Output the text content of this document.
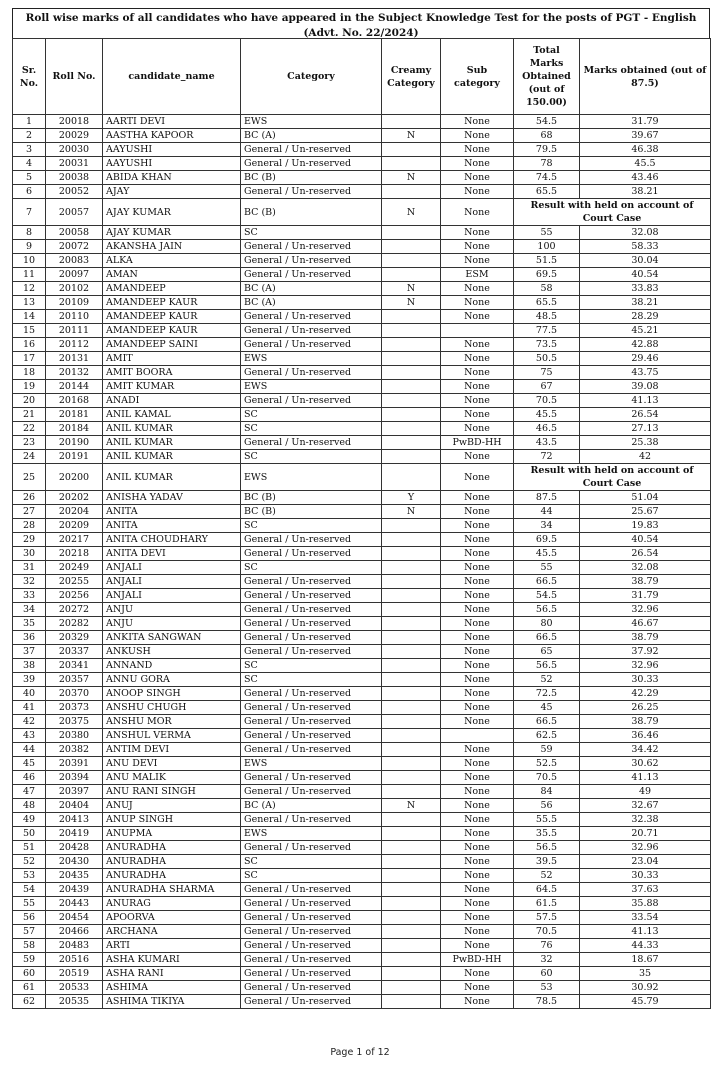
Roll wise marks of all candidates who have appeared in the Subject Knowledge Test for the posts of PGT - English
(Advt. No. 22/2024)
Sr. No.	Roll No.	candidate_name	Category	Creamy Category	Sub category	Total Marks Obtained (out of 150.00)	Marks obtained (out of 87.5)
1	20018	AARTI DEVI	EWS		None	54.5	31.79
2	20029	AASTHA KAPOOR	BC (A)	N	None	68	39.67
3	20030	AAYUSHI	General / Un-reserved		None	79.5	46.38
4	20031	AAYUSHI	General / Un-reserved		None	78	45.5
5	20038	ABIDA KHAN	BC (B)	N	None	74.5	43.46
6	20052	AJAY	General / Un-reserved		None	65.5	38.21
7	20057	AJAY KUMAR	BC (B)	N	None	Result with held on account of Court Case	
8	20058	AJAY KUMAR	SC		None	55	32.08
9	20072	AKANSHA JAIN	General / Un-reserved		None	100	58.33
10	20083	ALKA	General / Un-reserved		None	51.5	30.04
11	20097	AMAN	General / Un-reserved		ESM	69.5	40.54
12	20102	AMANDEEP	BC (A)	N	None	58	33.83
13	20109	AMANDEEP KAUR	BC (A)	N	None	65.5	38.21
14	20110	AMANDEEP KAUR	General / Un-reserved		None	48.5	28.29
15	20111	AMANDEEP KAUR	General / Un-reserved			77.5	45.21
16	20112	AMANDEEP SAINI	General / Un-reserved		None	73.5	42.88
17	20131	AMIT	EWS		None	50.5	29.46
18	20132	AMIT BOORA	General / Un-reserved		None	75	43.75
19	20144	AMIT KUMAR	EWS		None	67	39.08
20	20168	ANADI	General / Un-reserved		None	70.5	41.13
21	20181	ANIL KAMAL	SC		None	45.5	26.54
22	20184	ANIL KUMAR	SC		None	46.5	27.13
23	20190	ANIL KUMAR	General / Un-reserved		PwBD-HH	43.5	25.38
24	20191	ANIL KUMAR	SC		None	72	42
25	20200	ANIL KUMAR	EWS		None	Result with held on account of Court Case	
26	20202	ANISHA YADAV	BC (B)	Y	None	87.5	51.04
27	20204	ANITA	BC (B)	N	None	44	25.67
28	20209	ANITA	SC		None	34	19.83
29	20217	ANITA CHOUDHARY	General / Un-reserved		None	69.5	40.54
30	20218	ANITA DEVI	General / Un-reserved		None	45.5	26.54
31	20249	ANJALI	SC		None	55	32.08
32	20255	ANJALI	General / Un-reserved		None	66.5	38.79
33	20256	ANJALI	General / Un-reserved		None	54.5	31.79
34	20272	ANJU	General / Un-reserved		None	56.5	32.96
35	20282	ANJU	General / Un-reserved		None	80	46.67
36	20329	ANKITA SANGWAN	General / Un-reserved		None	66.5	38.79
37	20337	ANKUSH	General / Un-reserved		None	65	37.92
38	20341	ANNAND	SC		None	56.5	32.96
39	20357	ANNU GORA	SC		None	52	30.33
40	20370	ANOOP SINGH	General / Un-reserved		None	72.5	42.29
41	20373	ANSHU CHUGH	General / Un-reserved		None	45	26.25
42	20375	ANSHU MOR	General / Un-reserved		None	66.5	38.79
43	20380	ANSHUL VERMA	General / Un-reserved			62.5	36.46
44	20382	ANTIM DEVI	General / Un-reserved		None	59	34.42
45	20391	ANU DEVI	EWS		None	52.5	30.62
46	20394	ANU MALIK	General / Un-reserved		None	70.5	41.13
47	20397	ANU RANI SINGH	General / Un-reserved		None	84	49
48	20404	ANUJ	BC (A)	N	None	56	32.67
49	20413	ANUP SINGH	General / Un-reserved		None	55.5	32.38
50	20419	ANUPMA	EWS		None	35.5	20.71
51	20428	ANURADHA	General / Un-reserved		None	56.5	32.96
52	20430	ANURADHA	SC		None	39.5	23.04
53	20435	ANURADHA	SC		None	52	30.33
54	20439	ANURADHA SHARMA	General / Un-reserved		None	64.5	37.63
55	20443	ANURAG	General / Un-reserved		None	61.5	35.88
56	20454	APOORVA	General / Un-reserved		None	57.5	33.54
57	20466	ARCHANA	General / Un-reserved		None	70.5	41.13
58	20483	ARTI	General / Un-reserved		None	76	44.33
59	20516	ASHA KUMARI	General / Un-reserved		PwBD-HH	32	18.67
60	20519	ASHA RANI	General / Un-reserved		None	60	35
61	20533	ASHIMA	General / Un-reserved		None	53	30.92
62	20535	ASHIMA TIKIYA	General / Un-reserved		None	78.5	45.79
Page 1 of 12
